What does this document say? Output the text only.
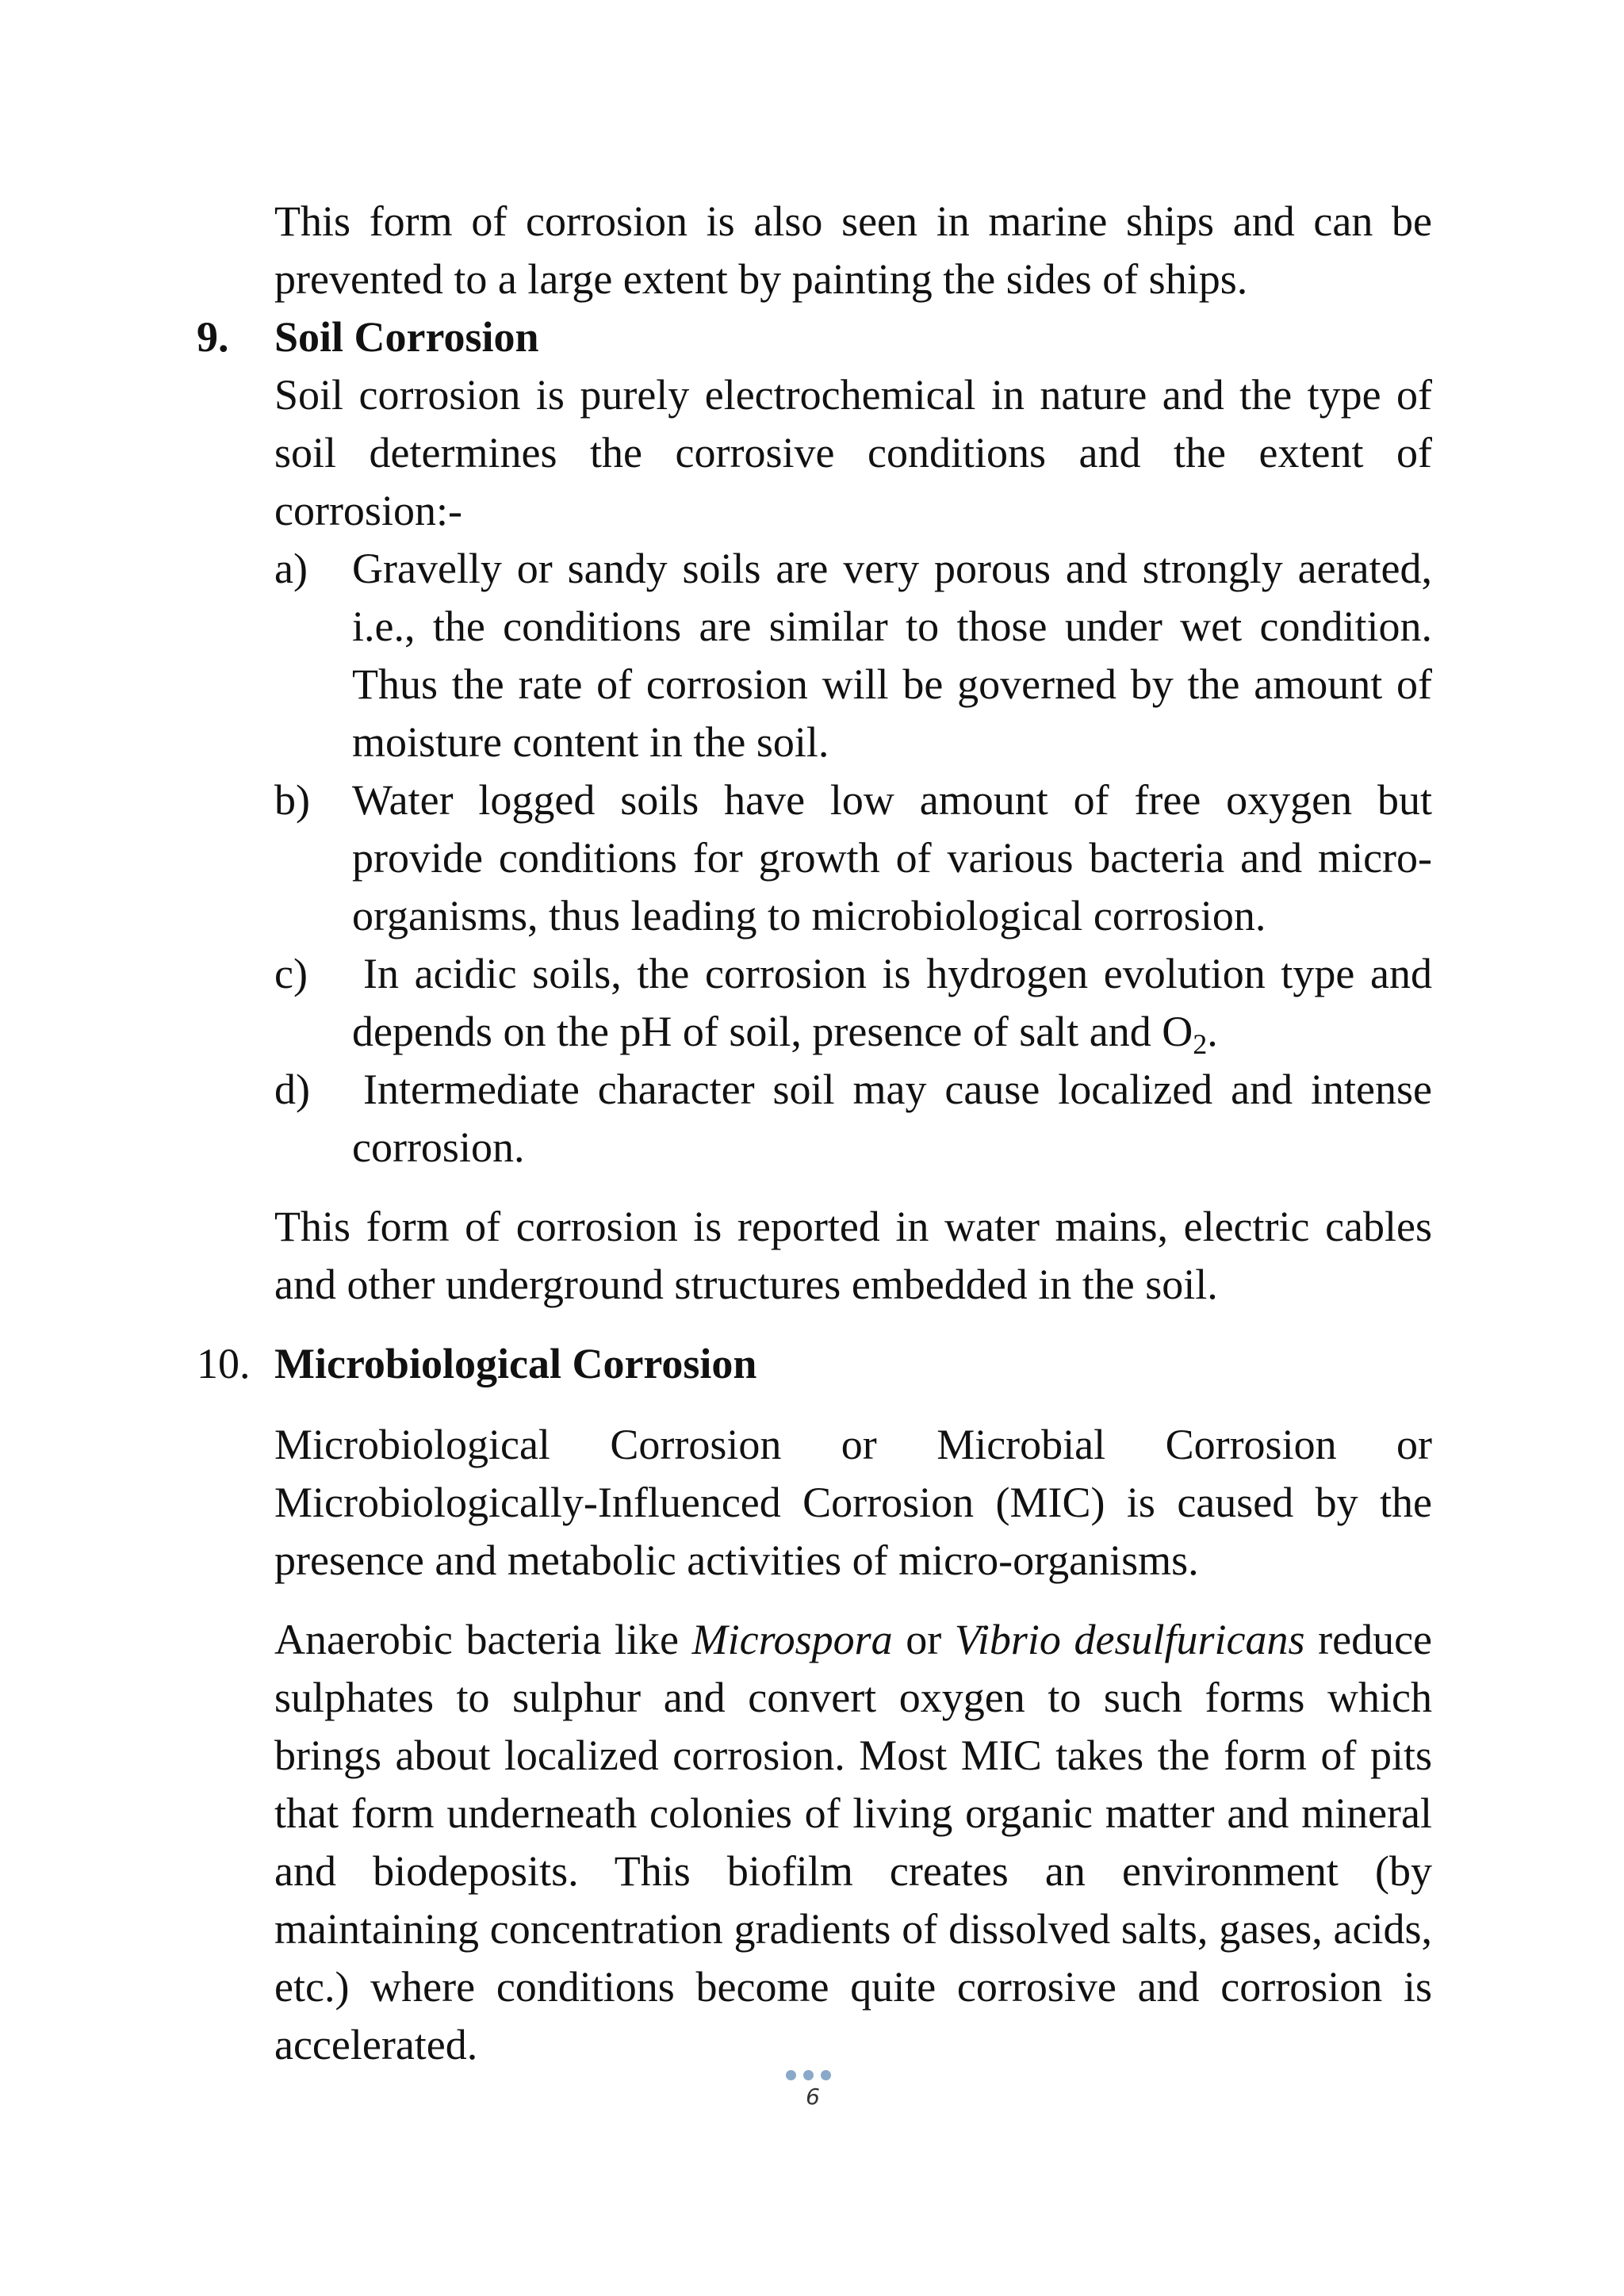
This form of corrosion is also seen in marine ships and can be prevented to a large extent by painting the sides of ships.

9. Soil Corrosion

Soil corrosion is purely electrochemical in nature and the type of soil determines the corrosive conditions and the extent of corrosion:-

a)	Gravelly or sandy soils are very porous and strongly aerated, i.e., the conditions are similar to those under wet condition. Thus the rate of corrosion will be governed by the amount of moisture content in the soil.
b) Water logged soils have low amount of free oxygen but provide conditions for growth of various bacteria and micro-organisms, thus leading to microbiological corrosion.
c)	In acidic soils, the corrosion is hydrogen evolution type and depends on the pH of soil, presence of salt and $O_2$.
d)	Intermediate character soil may cause localized and intense corrosion.

This form of corrosion is reported in water mains, electric cables and other underground structures embedded in the soil.

10. Microbiological Corrosion

Microbiological Corrosion or Microbial Corrosion or Microbiologically-Influenced Corrosion (MIC) is caused by the presence and metabolic activities of micro-organisms.

Anaerobic bacteria like Microspora or Vibrio desulfuricans reduce sulphates to sulphur and convert oxygen to such forms which brings about localized corrosion. Most MIC takes the form of pits that form underneath colonies of living organic matter and mineral and biodeposits. This biofilm creates an environment (by maintaining concentration gradients of dissolved salts, gases, acids, etc.) where conditions become quite corrosive and corrosion is accelerated.

6
